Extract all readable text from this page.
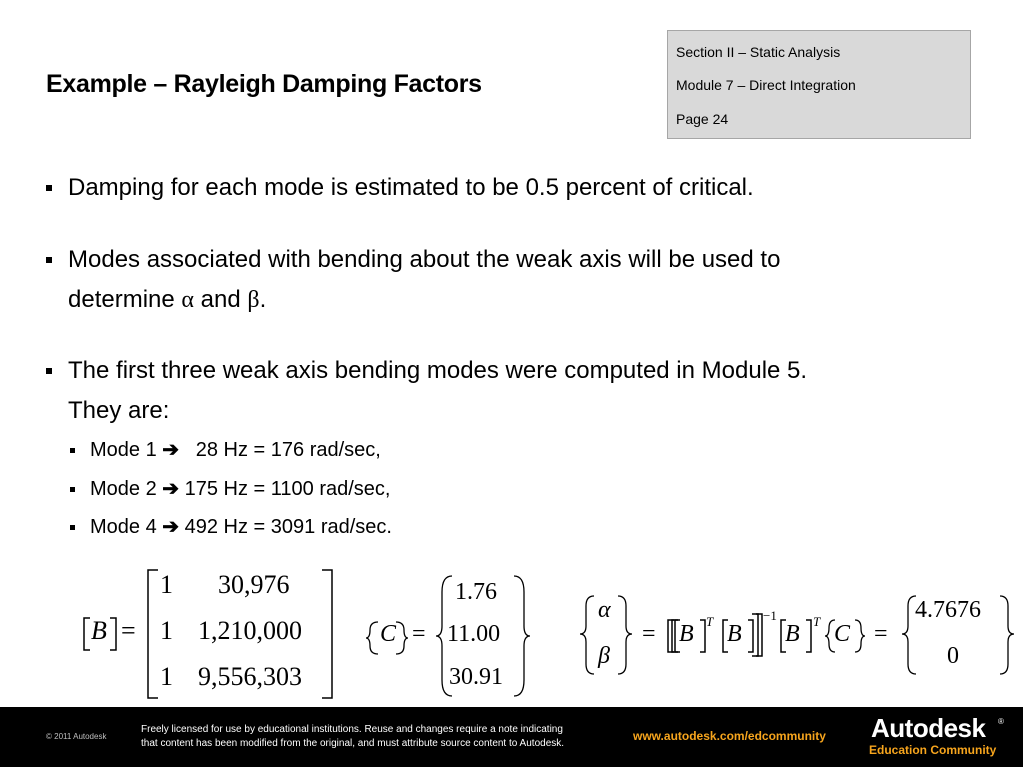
Example – Rayleigh Damping Factors
Section II – Static Analysis
Module 7 – Direct Integration
Page 24
Damping for each mode is estimated to be 0.5 percent of critical.
Modes associated with bending about the weak axis will be used to
determine α and β.
The first three weak axis bending modes were computed in Module 5.
They are:
Mode 1 ➔   28 Hz = 176 rad/sec,
Mode 2 ➔ 175 Hz = 1100 rad/sec,
Mode 4 ➔ 492 Hz = 3091 rad/sec.
B =
1 30,976
1 1,210,000
1 9,556,303
C =
1.76
11.00
30.91
α
β
= B T B
−1
B T C =
4.7676
0
© 2011 Autodesk
Freely licensed for use by educational institutions. Reuse and changes require a note indicating
that content has been modified from the original, and must attribute source content to Autodesk.
www.autodesk.com/edcommunity Autodesk ®
Education Community
